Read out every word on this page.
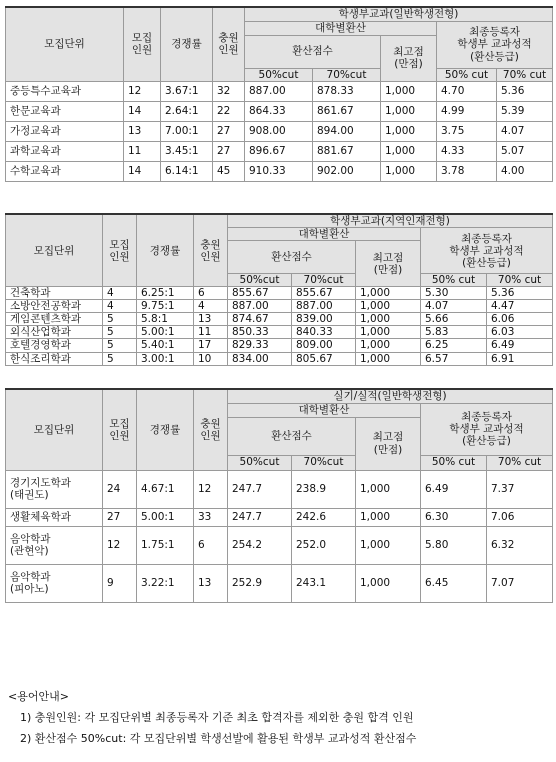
모집단위	모집
인원	경쟁률	충원
인원	학생부교과(일반학생전형)				
				대학별환산			최종등록자
학생부 교과성적
(환산등급)	
				환산점수		최고점
(만점)		
				50%cut	70%cut		50% cut	70% cut
중등특수교육과	12	3.67:1	32	887.00	878.33	1,000	4.70	5.36
한문교육과	14	2.64:1	22	864.33	861.67	1,000	4.99	5.39
가정교육과	13	7.00:1	27	908.00	894.00	1,000	3.75	4.07
과학교육과	11	3.45:1	27	896.67	881.67	1,000	4.33	5.07
수학교육과	14	6.14:1	45	910.33	902.00	1,000	3.78	4.00
모집단위	모집
인원	경쟁률	충원
인원	학생부교과(지역인재전형)				
				대학별환산			최종등록자
학생부 교과성적
(환산등급)	
				환산점수		최고점
(만점)		
				50%cut	70%cut		50% cut	70% cut
건축학과	4	6.25:1	6	855.67	855.67	1,000	5.30	5.36
소방안전공학과	4	9.75:1	4	887.00	887.00	1,000	4.07	4.47
게임콘텐츠학과	5	5.8:1	13	874.67	839.00	1,000	5.66	6.06
외식산업학과	5	5.00:1	11	850.33	840.33	1,000	5.83	6.03
호텔경영학과	5	5.40:1	17	829.33	809.00	1,000	6.25	6.49
한식조리학과	5	3.00:1	10	834.00	805.67	1,000	6.57	6.91
모집단위	모집
인원	경쟁률	충원
인원	실기/실적(일반학생전형)				
				대학별환산			최종등록자
학생부 교과성적
(환산등급)	
				환산점수		최고점
(만점)		
				50%cut	70%cut		50% cut	70% cut
경기지도학과
(태권도)	24	4.67:1	12	247.7	238.9	1,000	6.49	7.37
생활체육학과	27	5.00:1	33	247.7	242.6	1,000	6.30	7.06
음악학과
(관현악)	12	1.75:1	6	254.2	252.0	1,000	5.80	6.32
음악학과
(피아노)	9	3.22:1	13	252.9	243.1	1,000	6.45	7.07
<용어안내>
1) 충원인원: 각 모집단위별 최종등록자 기준 최초 합격자를 제외한 충원 합격 인원
2) 환산점수 50%cut: 각 모집단위별 학생선발에 활용된 학생부 교과성적 환산점수
